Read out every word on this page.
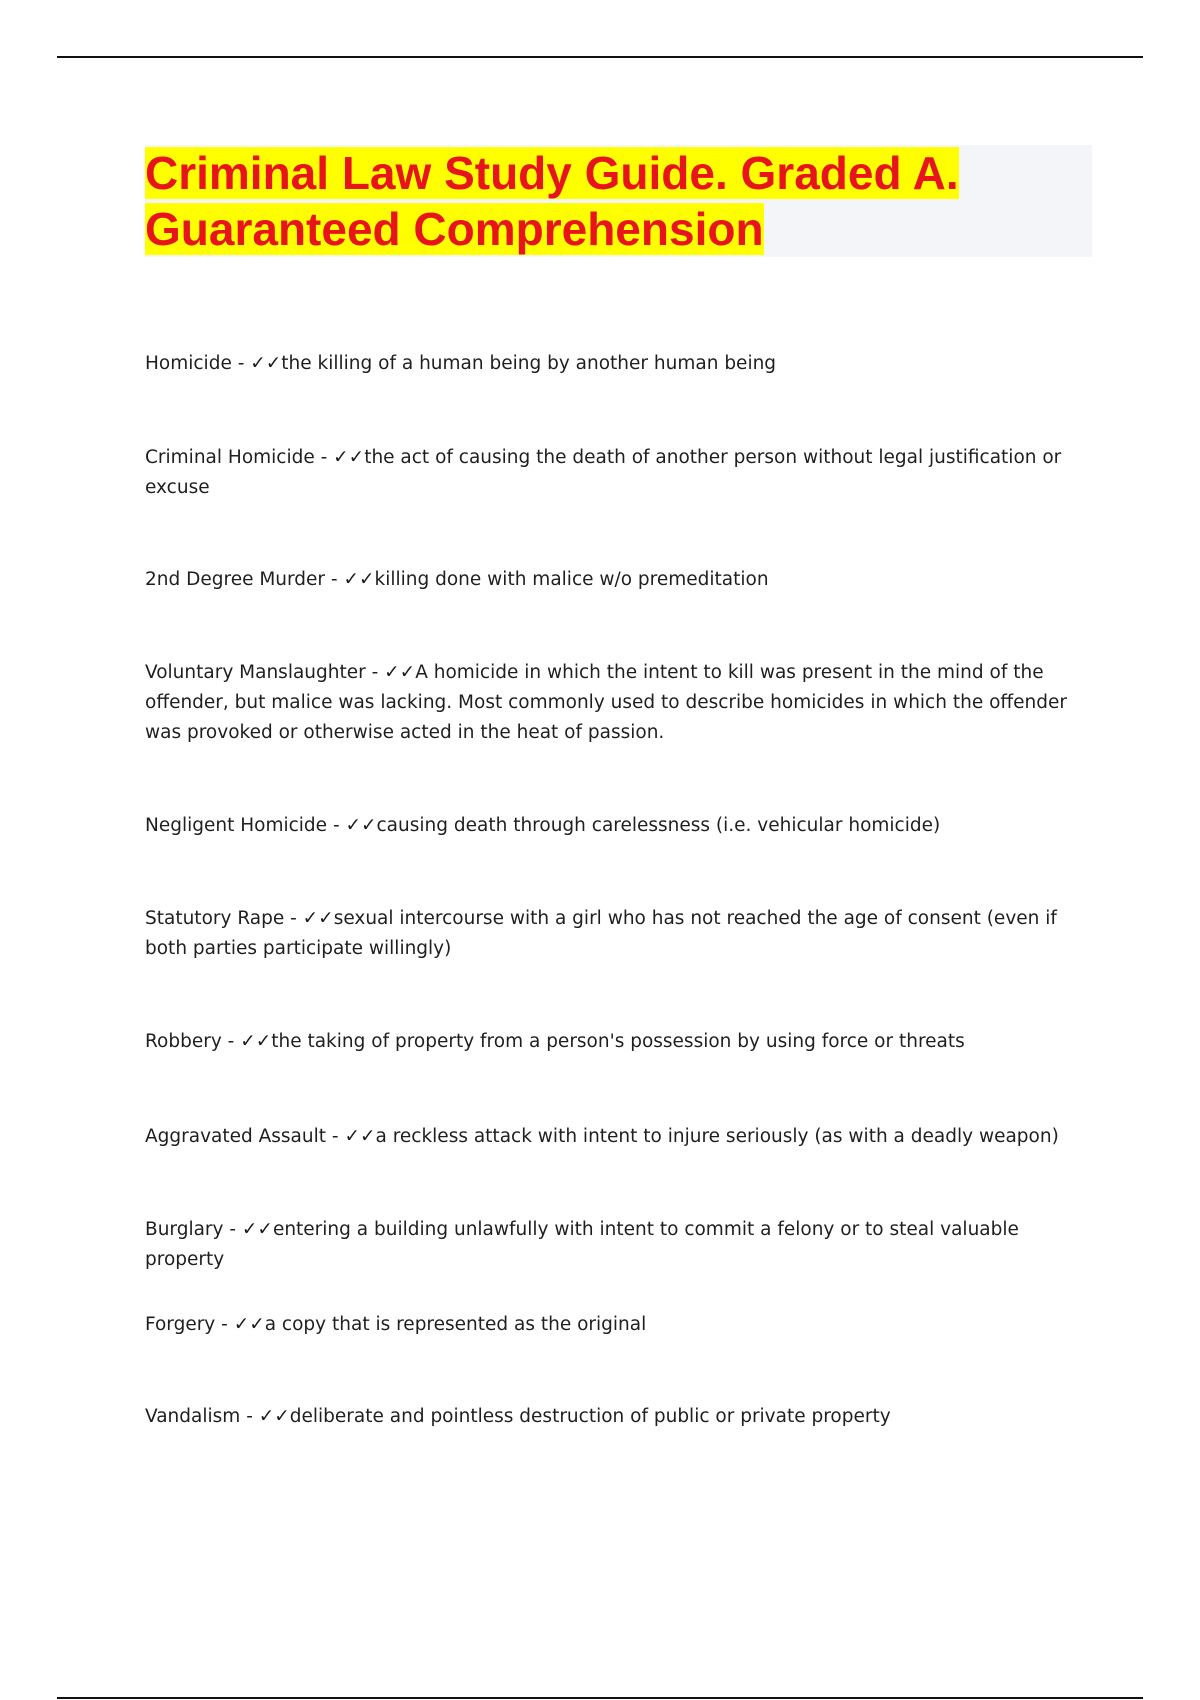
Criminal Law Study Guide. Graded A.
Guaranteed Comprehension

Homicide - ✓✓the killing of a human being by another human being

Criminal Homicide - ✓✓the act of causing the death of another person without legal justification or excuse

2nd Degree Murder - ✓✓killing done with malice w/o premeditation

Voluntary Manslaughter - ✓✓A homicide in which the intent to kill was present in the mind of the offender, but malice was lacking. Most commonly used to describe homicides in which the offender was provoked or otherwise acted in the heat of passion.

Negligent Homicide - ✓✓causing death through carelessness (i.e. vehicular homicide)

Statutory Rape - ✓✓sexual intercourse with a girl who has not reached the age of consent (even if both parties participate willingly)

Robbery - ✓✓the taking of property from a person's possession by using force or threats

Aggravated Assault - ✓✓a reckless attack with intent to injure seriously (as with a deadly weapon)

Burglary - ✓✓entering a building unlawfully with intent to commit a felony or to steal valuable property

Forgery - ✓✓a copy that is represented as the original

Vandalism - ✓✓deliberate and pointless destruction of public or private property
